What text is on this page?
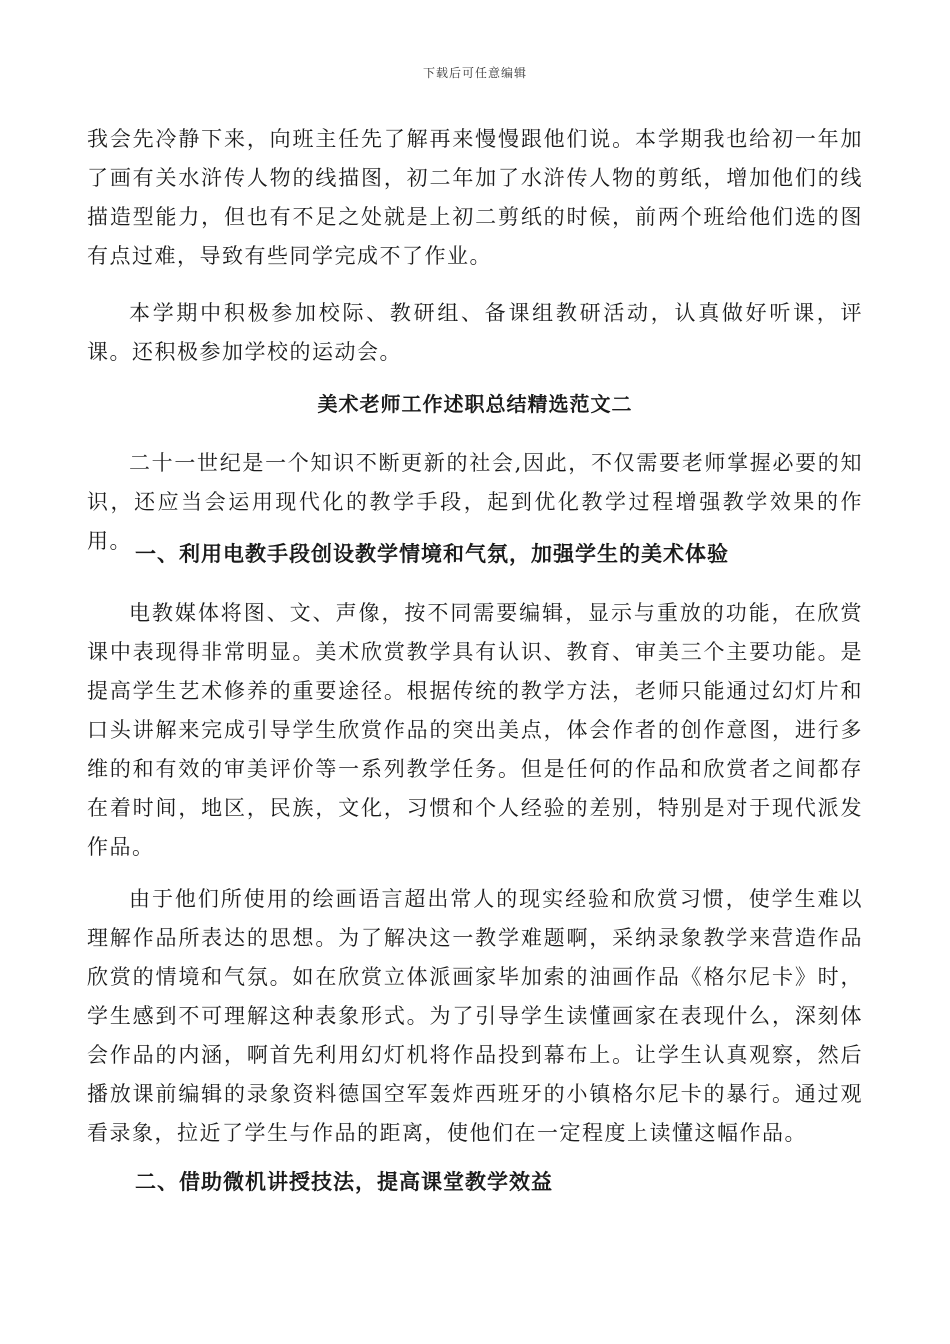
下载后可任意编辑
我会先冷静下来，向班主任先了解再来慢慢跟他们说。本学期我也给初一年加了画有关水浒传人物的线描图，初二年加了水浒传人物的剪纸，增加他们的线描造型能力，但也有不足之处就是上初二剪纸的时候，前两个班给他们选的图有点过难，导致有些同学完成不了作业。
本学期中积极参加校际、教研组、备课组教研活动，认真做好听课，评课。还积极参加学校的运动会。
美术老师工作述职总结精选范文二
二十一世纪是一个知识不断更新的社会,因此，不仅需要老师掌握必要的知识，还应当会运用现代化的教学手段，起到优化教学过程增强教学效果的作用。 一、利用电教手段创设教学情境和气氛，加强学生的美术体验
电教媒体将图、文、声像，按不同需要编辑，显示与重放的功能，在欣赏课中表现得非常明显。美术欣赏教学具有认识、教育、审美三个主要功能。是提高学生艺术修养的重要途径。根据传统的教学方法，老师只能通过幻灯片和口头讲解来完成引导学生欣赏作品的突出美点，体会作者的创作意图，进行多维的和有效的审美评价等一系列教学任务。但是任何的作品和欣赏者之间都存在着时间，地区，民族，文化，习惯和个人经验的差别，特别是对于现代派发作品。
由于他们所使用的绘画语言超出常人的现实经验和欣赏习惯，使学生难以理解作品所表达的思想。为了解决这一教学难题啊，采纳录象教学来营造作品欣赏的情境和气氛。如在欣赏立体派画家毕加索的油画作品《格尔尼卡》时，学生感到不可理解这种表象形式。为了引导学生读懂画家在表现什么，深刻体会作品的内涵，啊首先利用幻灯机将作品投到幕布上。让学生认真观察，然后播放课前编辑的录象资料德国空军轰炸西班牙的小镇格尔尼卡的暴行。通过观看录象，拉近了学生与作品的距离，使他们在一定程度上读懂这幅作品。
二、借助微机讲授技法，提高课堂教学效益
